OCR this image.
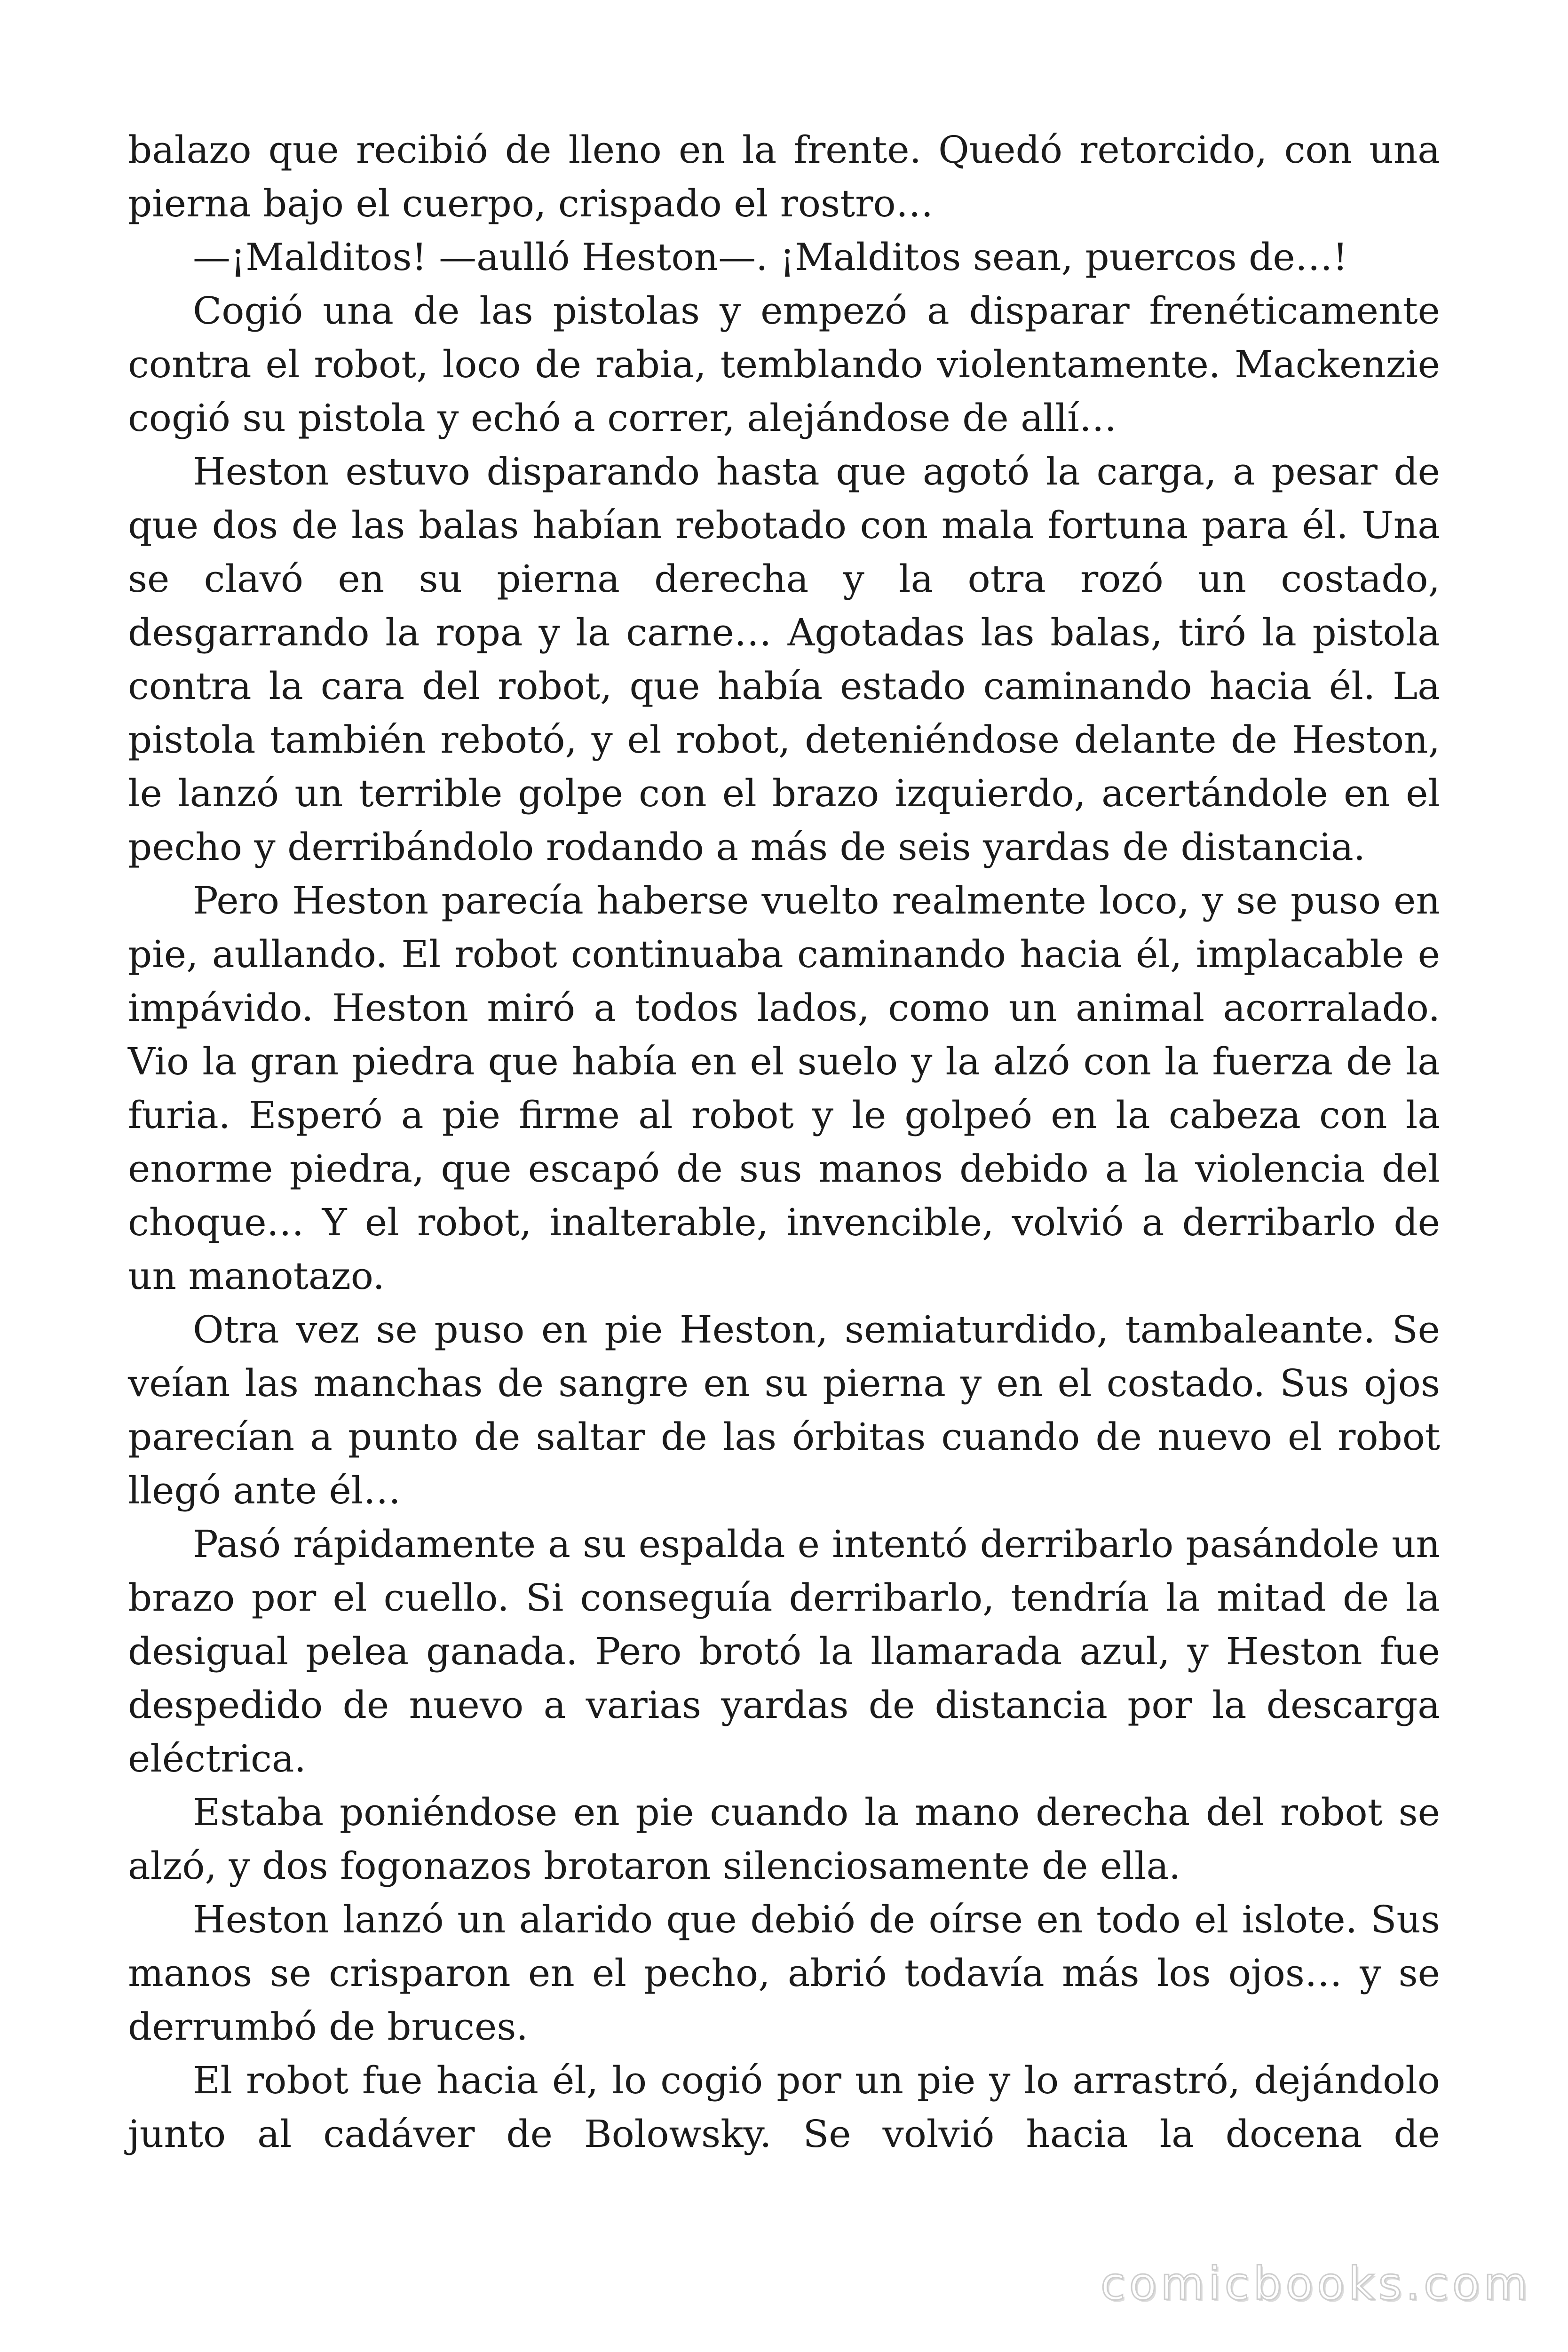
balazo que recibió de lleno en la frente. Quedó retorcido, con una pierna bajo el cuerpo, crispado el rostro…

—¡Malditos! —aulló Heston—. ¡Malditos sean, puercos de…!

Cogió una de las pistolas y empezó a disparar frenéticamente contra el robot, loco de rabia, temblando violentamente. Mackenzie cogió su pistola y echó a correr, alejándose de allí…

Heston estuvo disparando hasta que agotó la carga, a pesar de que dos de las balas habían rebotado con mala fortuna para él. Una se clavó en su pierna derecha y la otra rozó un costado, desgarrando la ropa y la carne… Agotadas las balas, tiró la pistola contra la cara del robot, que había estado caminando hacia él. La pistola también rebotó, y el robot, deteniéndose delante de Heston, le lanzó un terrible golpe con el brazo izquierdo, acertándole en el pecho y derribándolo rodando a más de seis yardas de distancia.

Pero Heston parecía haberse vuelto realmente loco, y se puso en pie, aullando. El robot continuaba caminando hacia él, implacable e impávido. Heston miró a todos lados, como un animal acorralado. Vio la gran piedra que había en el suelo y la alzó con la fuerza de la furia. Esperó a pie firme al robot y le golpeó en la cabeza con la enorme piedra, que escapó de sus manos debido a la violencia del choque… Y el robot, inalterable, invencible, volvió a derribarlo de un manotazo.

Otra vez se puso en pie Heston, semiaturdido, tambaleante. Se veían las manchas de sangre en su pierna y en el costado. Sus ojos parecían a punto de saltar de las órbitas cuando de nuevo el robot llegó ante él…

Pasó rápidamente a su espalda e intentó derribarlo pasándole un brazo por el cuello. Si conseguía derribarlo, tendría la mitad de la desigual pelea ganada. Pero brotó la llamarada azul, y Heston fue despedido de nuevo a varias yardas de distancia por la descarga eléctrica.

Estaba poniéndose en pie cuando la mano derecha del robot se alzó, y dos fogonazos brotaron silenciosamente de ella.

Heston lanzó un alarido que debió de oírse en todo el islote. Sus manos se crisparon en el pecho, abrió todavía más los ojos… y se derrumbó de bruces.

El robot fue hacia él, lo cogió por un pie y lo arrastró, dejándolo junto al cadáver de Bolowsky. Se volvió hacia la docena de

comicbooks.com
